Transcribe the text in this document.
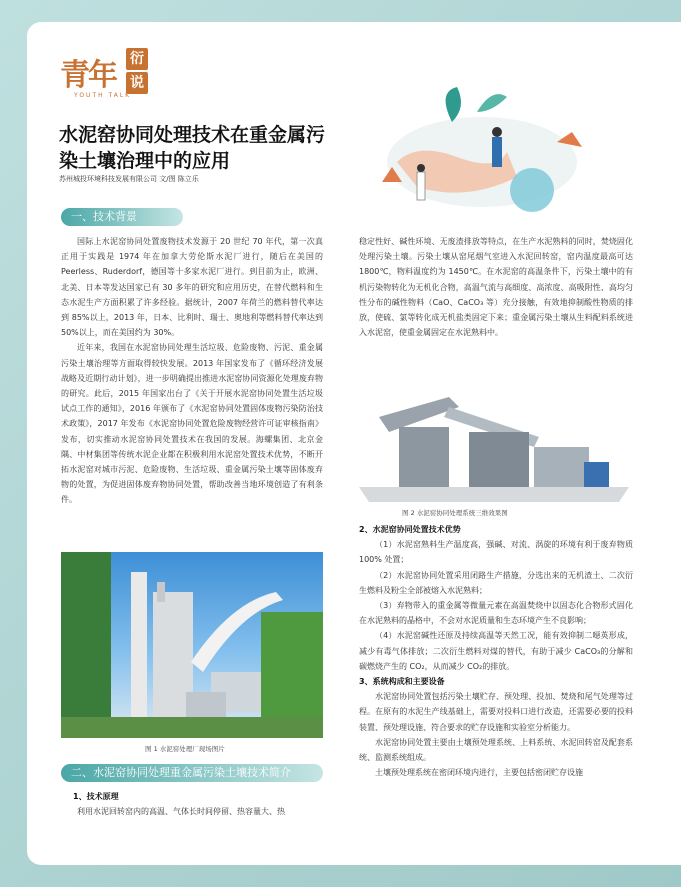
青年 衍
说
YOUTH TALK
水泥窑协同处理技术在重金属污染土壤治理中的应用
苏州城投环境科技发展有限公司 文/图 陈立乐
一、技术背景

国际上水泥窑协同处置废物技术发源于 20 世纪 70 年代，第一次真正用于实践是 1974 年在加拿大劳伦斯水泥厂进行，随后在美国的 Peerless、Ruderdorf，德国等十多家水泥厂进行。到目前为止，欧洲、北美、日本等发达国家已有 30 多年的研究和应用历史，在替代燃料和生态水泥生产方面积累了许多经验。据统计，2007 年荷兰的燃料替代率达到 85%以上，2013 年，日本、比利时、瑞士、奥地利等燃料替代率达到 50%以上，而在美国约为 30%。

近年来，我国在水泥窑协同处理生活垃圾、危险废物、污泥、重金属污染土壤治理等方面取得较快发展。2013 年国家发布了《循环经济发展战略及近期行动计划》，进一步明确提出推进水泥窑协同资源化处理废弃物的研究。此后，2015 年国家出台了《关于开展水泥窑协同处置生活垃圾试点工作的通知》，2016 年颁布了《水泥窑协同处置固体废物污染防治技术政策》，2017 年发布《水泥窑协同处置危险废物经营许可证审核指南》发布，切实推动水泥窑协同处置技术在我国的发展。海螺集团、北京金隅、中材集团等传统水泥企业都在积极利用水泥窑处置技术优势，不断开拓水泥窑对城市污泥、危险废物、生活垃圾、重金属污染土壤等固体废弃物的处置，为促进固体废弃物协同处置，帮助改善当地环境创造了有利条件。

图 1 水泥窑处理厂现场图片
二、水泥窑协同处理重金属污染土壤技术简介

1、技术原理

利用水泥回转窑内的高温、气体长时间停留、热容量大、热

稳定性好、碱性环境、无废渣排放等特点，在生产水泥熟料的同时，焚烧固化处理污染土壤。污染土壤从窑尾烟气室进入水泥回转窑，窑内温度最高可达 1800℃，物料温度约为 1450℃。在水泥窑的高温条件下，污染土壤中的有机污染物转化为无机化合物，高温气流与高细度、高浓度、高吸附性、高均匀性分布的碱性物料（CaO、CaCO₃ 等）充分接触，有效地抑制酸性物质的排放，使硫、氯等转化成无机盐类固定下来；重金属污染土壤从生料配料系统进入水泥窑，使重金属固定在水泥熟料中。

图 2 水泥窑协同处理系统三维效果图

2、水泥窑协同处置技术优势

（1）水泥窑熟料生产温度高，强碱、对流、涡旋的环境有利于废弃物质 100% 处置；

（2）水泥窑协同处置采用闭路生产措施，分选出来的无机渣土、二次衍生燃料及粉尘全部被熔入水泥熟料；

（3）弃物带入的重金属等微量元素在高温焚烧中以固态化合物形式固化在水泥熟料的晶格中，不会对水泥质量和生态环境产生不良影响；

（4）水泥窑碱性还原及持续高温等天然工况，能有效抑制二噁英形成，减少有毒气体排放；二次衍生燃料对煤的替代，有助于减少 CaCO₃的分解和碳燃烧产生的 CO₂，从而减少 CO₂的排放。

3、系统构成和主要设备

水泥窑协同处置包括污染土壤贮存、预处理、投加、焚烧和尾气处理等过程。在原有的水泥生产线基础上，需要对投料口进行改造，还需要必要的投料装置、预处理设施、符合要求的贮存设施和实验室分析能力。

水泥窑协同处置主要由土壤预处理系统、上料系统、水泥回转窑及配套系统、监测系统组成。

土壤预处理系统在密闭环境内进行，主要包括密闭贮存设施
